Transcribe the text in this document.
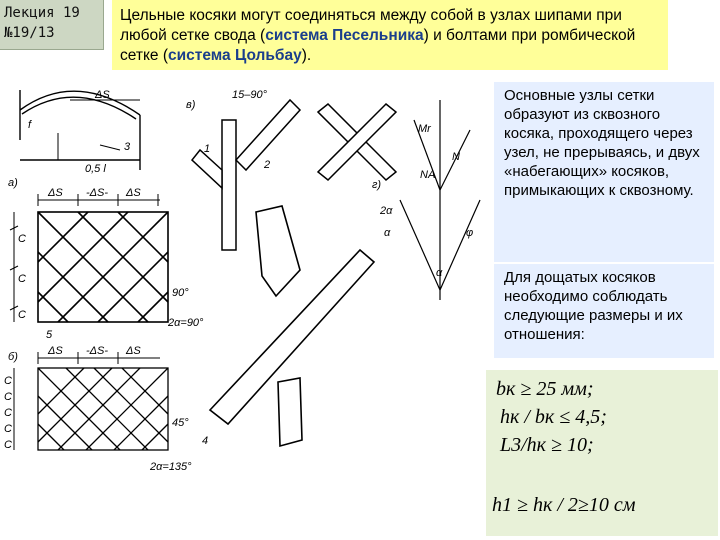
Лекция 19
№19/13
Цельные косяки могут соединяться между собой в узлах шипами при любой сетке свода (система Песельника) и болтами при ромбической сетке (система Цольбау).
ΔS
f
0,5 l
3
a)
ΔS -ΔS- ΔS
C
C
C
90°
2α=90°
5
б)	ΔS -ΔS- ΔS
C
C
C
C
C
45°
2α=135°
в)
15–90°
1
2
г)
Mr
N
NA
2α
α	φ
α
4
Основные узлы сетки образуют из сквозного косяка, проходящего через узел, не прерываясь, и двух «набегающих» косяков, примыкающих к сквозному.
Для дощатых косяков необходимо соблюдать следующие размеры и их отношения:
bк ≥ 25 мм;
hк / bк ≤ 4,5;
L3/hк ≥ 10;
h1 ≥ hк / 2≥10 см
